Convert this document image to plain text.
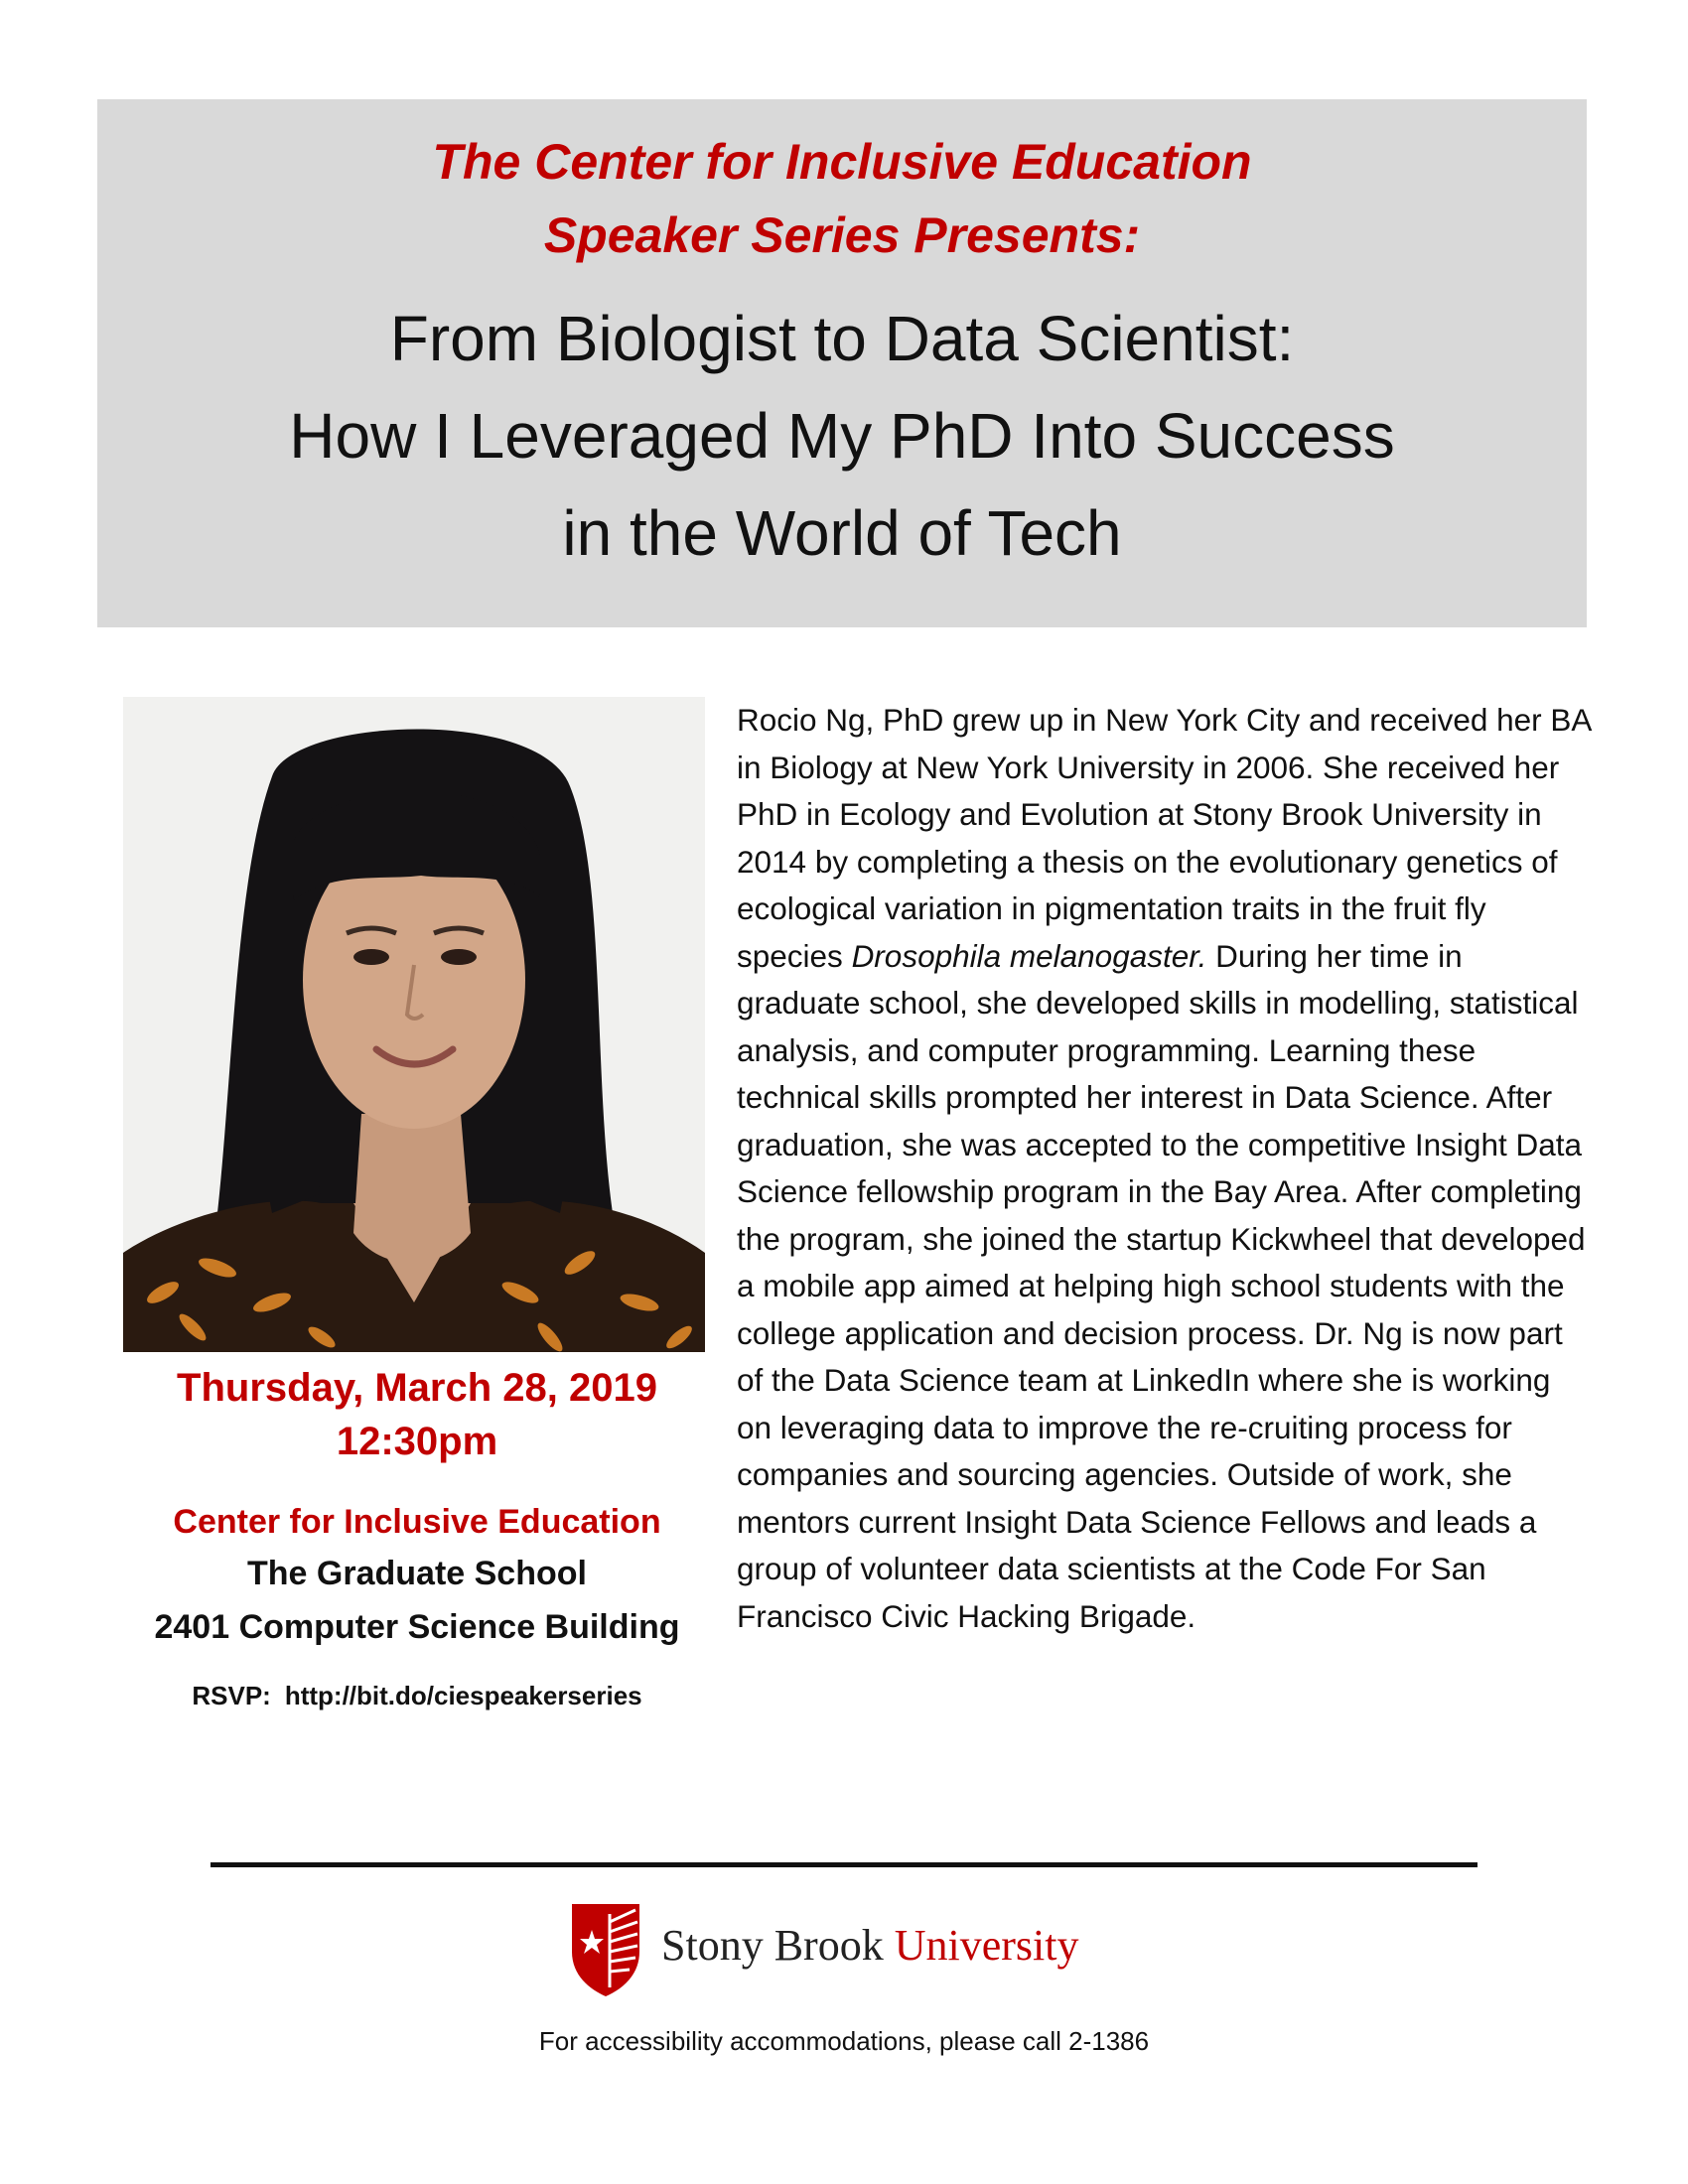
The Center for Inclusive Education
Speaker Series Presents:
From Biologist to Data Scientist:
How I Leveraged My PhD Into Success
in the World of Tech
Thursday, March 28, 2019
12:30pm
Center for Inclusive Education
The Graduate School
2401 Computer Science Building
RSVP: http://bit.do/ciespeakerseries
Rocio Ng, PhD grew up in New York City and received her BA in Biology at New York University in 2006. She received her PhD in Ecology and Evolution at Stony Brook University in 2014 by completing a thesis on the evolutionary genetics of ecological variation in pigmentation traits in the fruit fly species Drosophila melanogaster. During her time in graduate school, she developed skills in modelling, statistical analysis, and computer programming. Learning these technical skills prompted her interest in Data Science. After graduation, she was accepted to the competitive Insight Data Science fellowship program in the Bay Area. After completing the program, she joined the startup Kickwheel that developed a mobile app aimed at helping high school students with the college application and decision process. Dr. Ng is now part of the Data Science team at LinkedIn where she is working on leveraging data to improve the re-cruiting process for companies and sourcing agencies. Outside of work, she mentors current Insight Data Science Fellows and leads a group of volunteer data scientists at the Code For San Francisco Civic Hacking Brigade.
Stony Brook University
For accessibility accommodations, please call 2-1386
